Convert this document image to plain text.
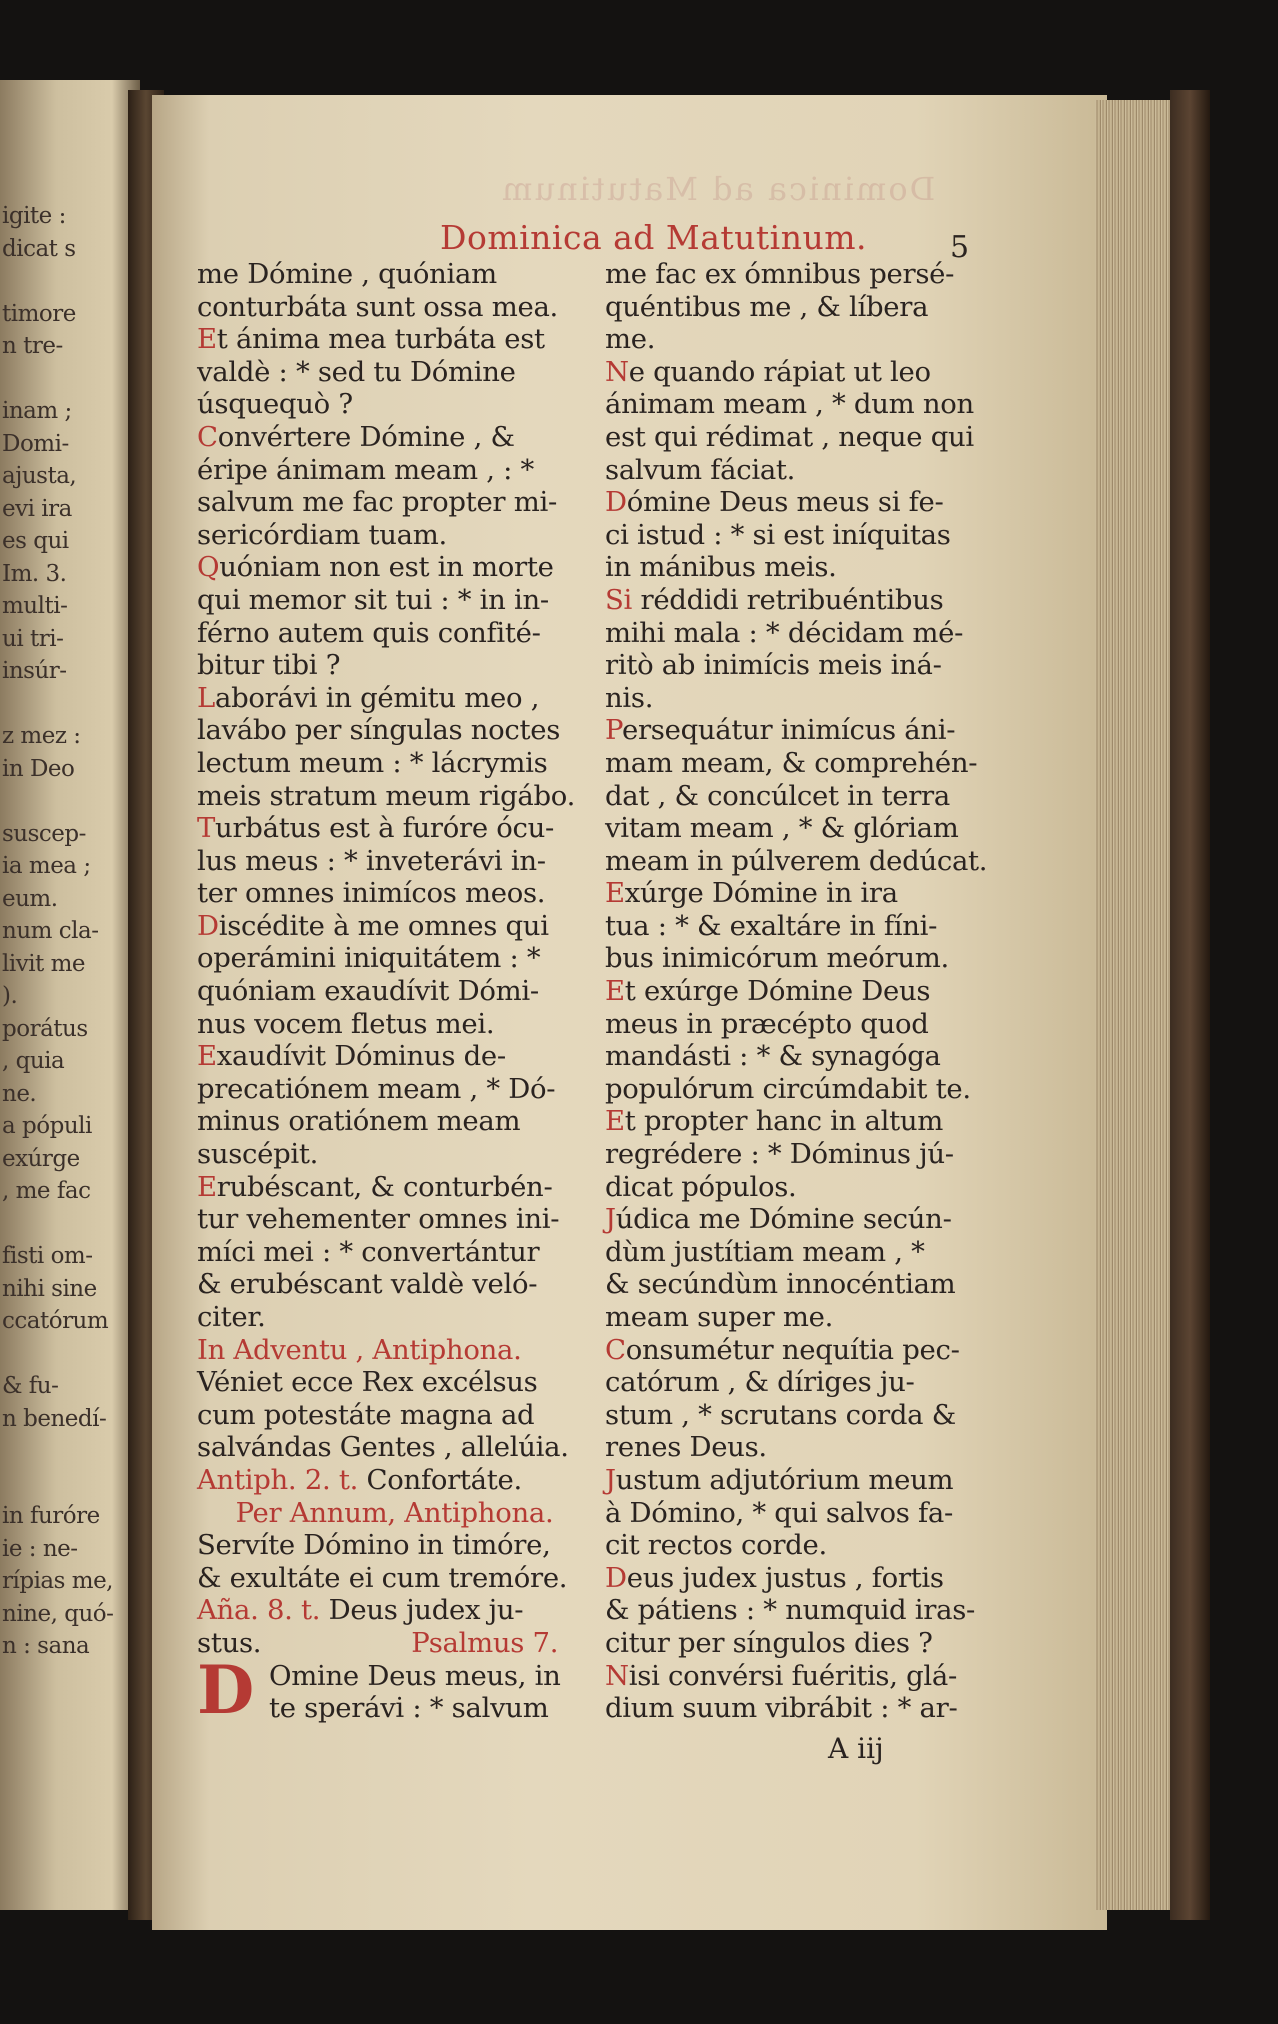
igite :
dicat s
timore
n tre-
inam ;
Domi-
ajusta,
evi ira
es qui
Im. 3.
multi-
ui tri-
insúr-
z mez :
in Deo
suscep-
ia mea ;
eum.
num cla-
livit me
).
porátus
, quia
ne.
a pópuli
exúrge
, me fac
fisti om-
nihi sine
ccatórum
& fu-
n benedí-
in furóre
ie : ne-
rípias me,
nine, quó-
n : sana
Dominica ad Matutinum
Dominica ad Matutinum.	5
me Dómine , quóniam
conturbáta sunt ossa mea.
Et ánima mea turbáta est
valdè : * sed tu Dómine
úsquequò ?
Convértere Dómine , &
éripe ánimam meam , : *
salvum me fac propter mi-
sericórdiam tuam.
Quóniam non est in morte
qui memor sit tui : * in in-
férno autem quis confité-
bitur tibi ?
Laborávi in gémitu meo ,
lavábo per síngulas noctes
lectum meum : * lácrymis
meis stratum meum rigábo.
Turbátus est à furóre ócu-
lus meus : * inveterávi in-
ter omnes inimícos meos.
Discédite à me omnes qui
operámini iniquitátem : *
quóniam exaudívit Dómi-
nus vocem fletus mei.
Exaudívit Dóminus de-
precatiónem meam , * Dó-
minus oratiónem meam
suscépit.
Erubéscant, & conturbén-
tur vehementer omnes ini-
míci mei : * convertántur
& erubéscant valdè veló-
citer.
In Adventu , Antiphona.
Véniet ecce Rex excélsus
cum potestáte magna ad
salvándas Gentes , allelúia.
Antiph. 2. t. Confortáte.
Per Annum, Antiphona.
Servíte Dómino in timóre,
& exultáte ei cum tremóre.
Aña. 8. t. Deus judex ju-
stus.	Psalmus 7.
D Omine Deus meus, in
te sperávi : * salvum
me fac ex ómnibus persé-
quéntibus me , & líbera
me.
Ne quando rápiat ut leo
ánimam meam , * dum non
est qui rédimat , neque qui
salvum fáciat.
Dómine Deus meus si fe-
ci istud : * si est iníquitas
in mánibus meis.
Si réddidi retribuéntibus
mihi mala : * décidam mé-
ritò ab inimícis meis iná-
nis.
Persequátur inimícus áni-
mam meam, & comprehén-
dat , & concúlcet in terra
vitam meam , * & glóriam
meam in púlverem dedúcat.
Exúrge Dómine in ira
tua : * & exaltáre in fíni-
bus inimicórum meórum.
Et exúrge Dómine Deus
meus in præcépto quod
mandásti : * & synagóga
populórum circúmdabit te.
Et propter hanc in altum
regrédere : * Dóminus jú-
dicat pópulos.
Júdica me Dómine secún-
dùm justítiam meam , *
& secúndùm innocéntiam
meam super me.
Consumétur nequítia pec-
catórum , & díriges ju-
stum , * scrutans corda &
renes Deus.
Justum adjutórium meum
à Dómino, * qui salvos fa-
cit rectos corde.
Deus judex justus , fortis
& pátiens : * numquid iras-
citur per síngulos dies ?
Nisi convérsi fuéritis, glá-
dium suum vibrábit : * ar-
A iij
